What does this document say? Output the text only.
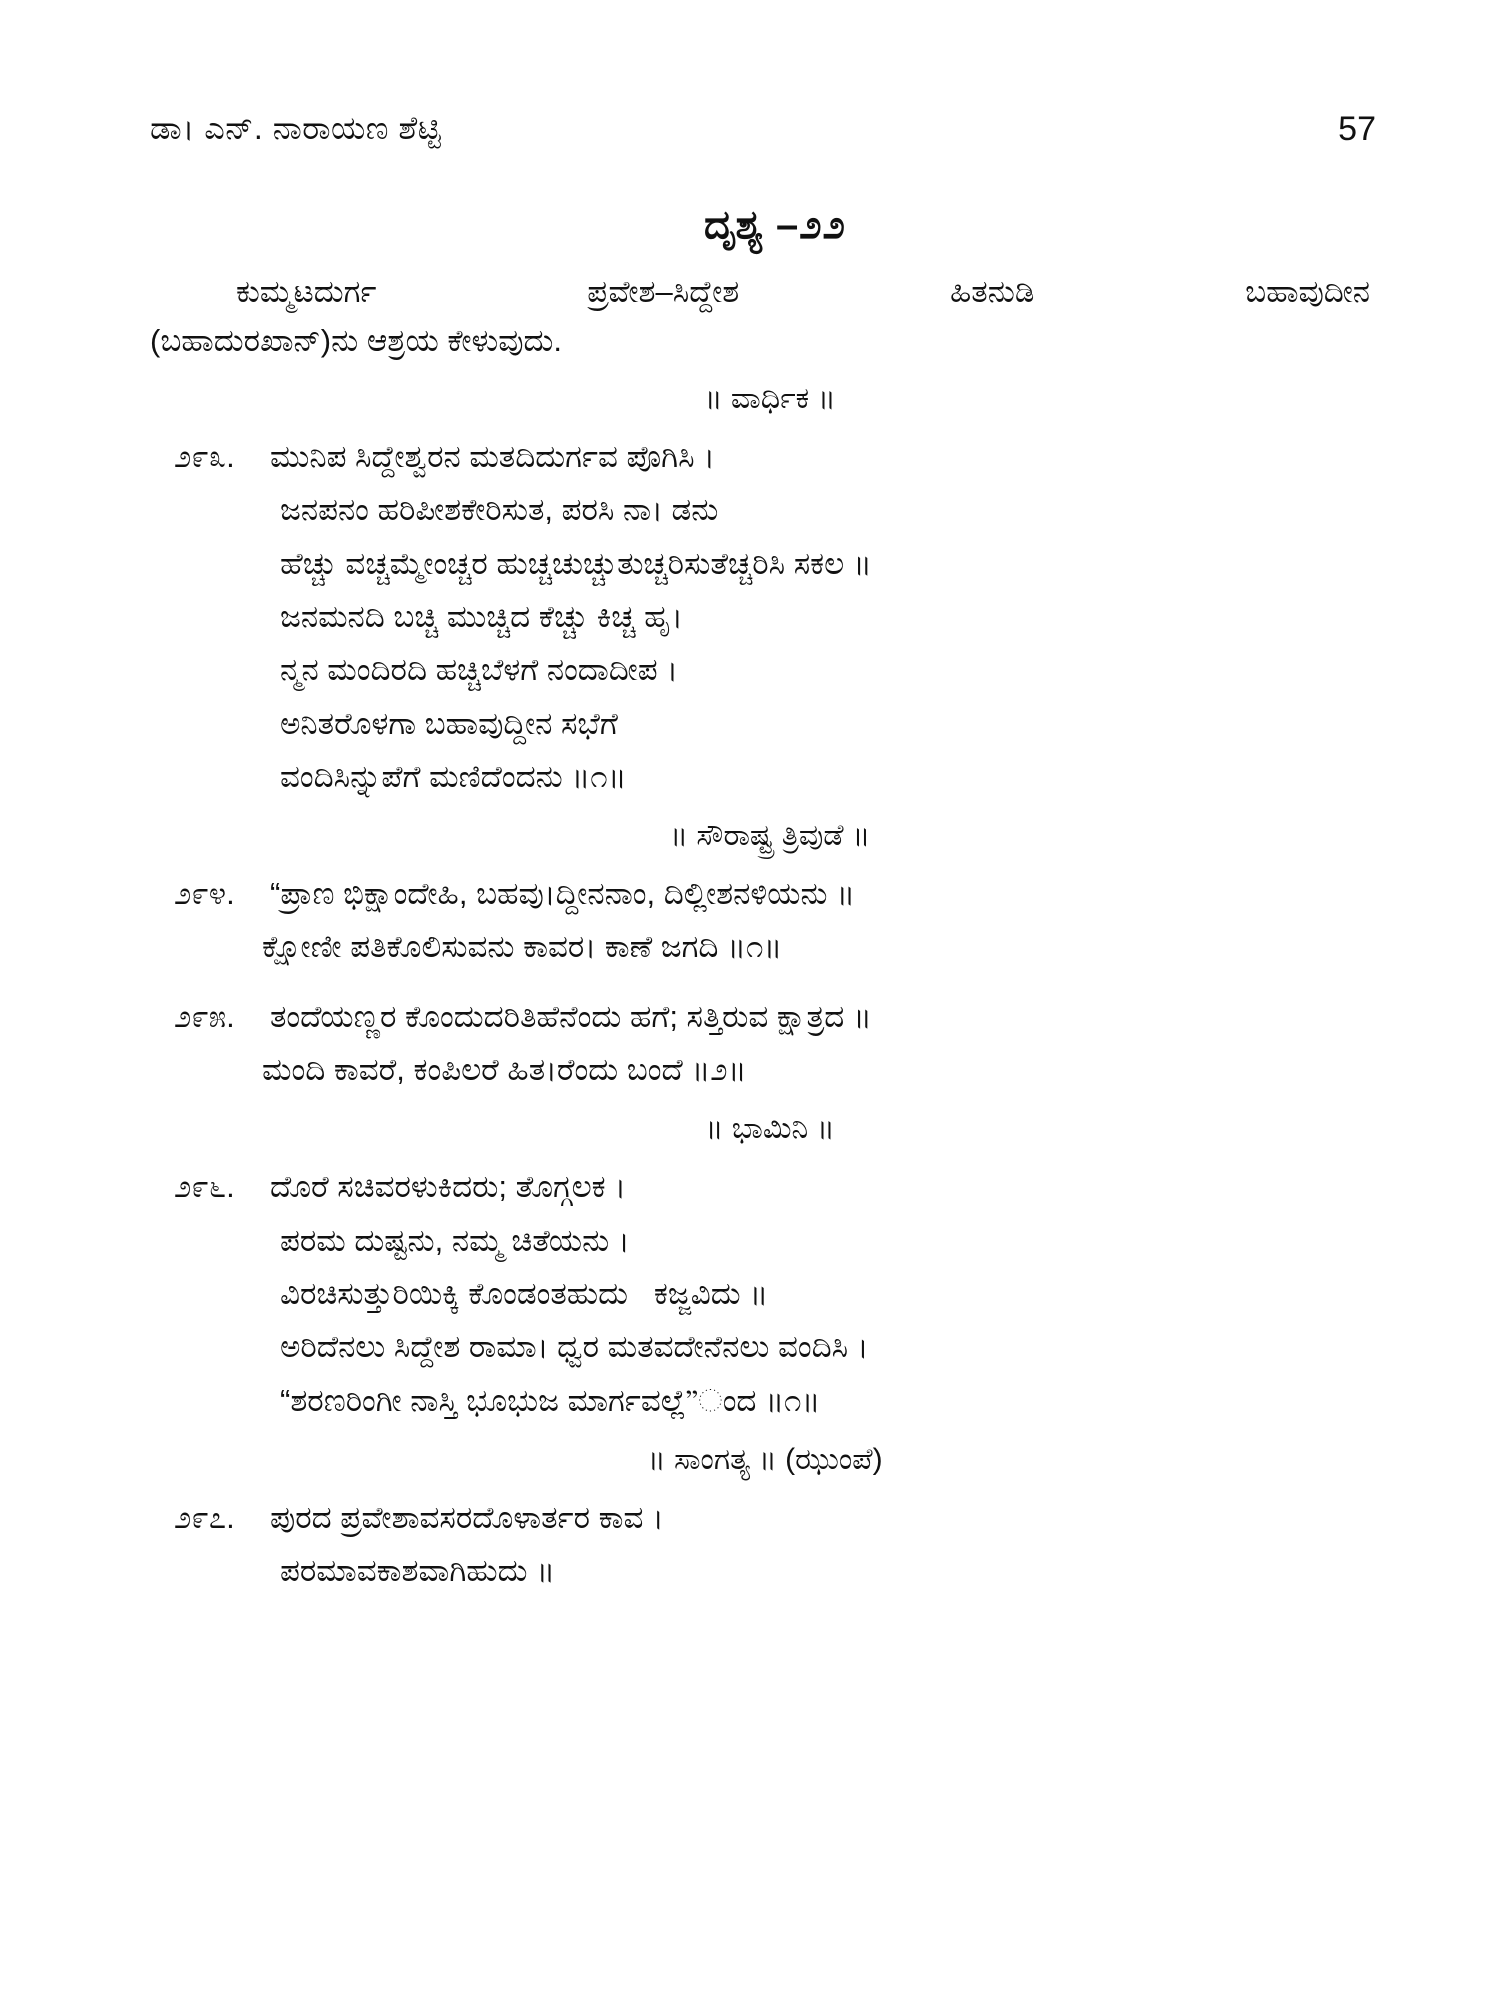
ಡಾ। ಎನ್. ನಾರಾಯಣ ಶೆಟ್ಟಿ	57
ದೃಶ್ಯ –೨೨
ಕುಮ್ಮಟದುರ್ಗ	ಪ್ರವೇಶ–ಸಿದ್ದೇಶ	ಹಿತನುಡಿ	ಬಹಾವುದೀನ
(ಬಹಾದುರಖಾನ್)ನು ಆಶ್ರಯ ಕೇಳುವುದು.
॥ ವಾರ್ಧಿಕ ॥
೨೯೩. ಮುನಿಪ ಸಿದ್ದೇಶ್ವರನ ಮತದಿದುರ್ಗವ ಪೊಗಿಸಿ ।
ಜನಪನಂ ಹರಿಪೀಶಕೇರಿಸುತ, ಪರಸಿ ನಾ। ಡನು
ಹೆಚ್ಚು ವಚ್ಚಮ್ಮೇಂಚ್ಚರ ಹುಚ್ಚಚುಚ್ಚುತುಚ್ಚರಿಸುತೆಚ್ಚರಿಸಿ ಸಕಲ ॥
ಜನಮನದಿ ಬಚ್ಚಿ ಮುಚ್ಚಿದ ಕೆಚ್ಚು ಕಿಚ್ಚ ಹೃ।
ನ್ಮನ ಮಂದಿರದಿ ಹಚ್ಚಿಬೆಳಗೆ ನಂದಾದೀಪ ।
ಅನಿತರೊಳಗಾ ಬಹಾವುದ್ದೀನ ಸಭೆಗೆ
ವಂದಿಸಿನ್ನುಪೆಗೆ ಮಣಿದೆಂದನು ॥೧॥
॥ ಸೌರಾಷ್ಟ್ರ ತ್ರಿವುಡೆ ॥
೨೯೪. “ಪ್ರಾಣ ಭಿಕ್ಷಾಂದೇಹಿ, ಬಹವು।ದ್ದೀನನಾಂ, ದಿಲ್ಲೀಶನಳಿಯನು ॥
ಕ್ಷೋಣೀ ಪತಿಕೊಲಿಸುವನು ಕಾವರ। ಕಾಣೆ ಜಗದಿ ॥೧॥
೨೯೫. ತಂದೆಯಣ್ಣರ ಕೊಂದುದರಿತಿಹೆನೆಂದು ಹಗೆ; ಸತ್ತಿರುವ ಕ್ಷಾತ್ರದ ॥
ಮಂದಿ ಕಾವರೆ, ಕಂಪಿಲರೆ ಹಿತ।ರೆಂದು ಬಂದೆ ॥೨॥
॥ ಭಾಮಿನಿ ॥
೨೯೬. ದೊರೆ ಸಚಿವರಳುಕಿದರು; ತೊಗ್ಗಲಕ ।
ಪರಮ ದುಷ್ಟನು, ನಮ್ಮ ಚಿತೆಯನು ।
ವಿರಚಿಸುತ್ತುರಿಯಿಕ್ಕಿ ಕೊಂಡಂತಹುದು   ಕಜ್ಜವಿದು ॥
ಅರಿದೆನಲು ಸಿದ್ದೇಶ ರಾಮಾ। ಧ್ವರ ಮತವದೇನೆನಲು ವಂದಿಸಿ ।
“ಶರಣರಿಂಗೀ ನಾಸ್ತಿ ಭೂಭುಜ ಮಾರ್ಗವಲ್ಲೆ”ಂದ ॥೧॥
॥ ಸಾಂಗತ್ಯ ॥ (ಝುಂಪೆ)
೨೯೭. ಪುರದ ಪ್ರವೇಶಾವಸರದೊಳಾರ್ತರ ಕಾವ ।
ಪರಮಾವಕಾಶವಾಗಿಹುದು ॥
